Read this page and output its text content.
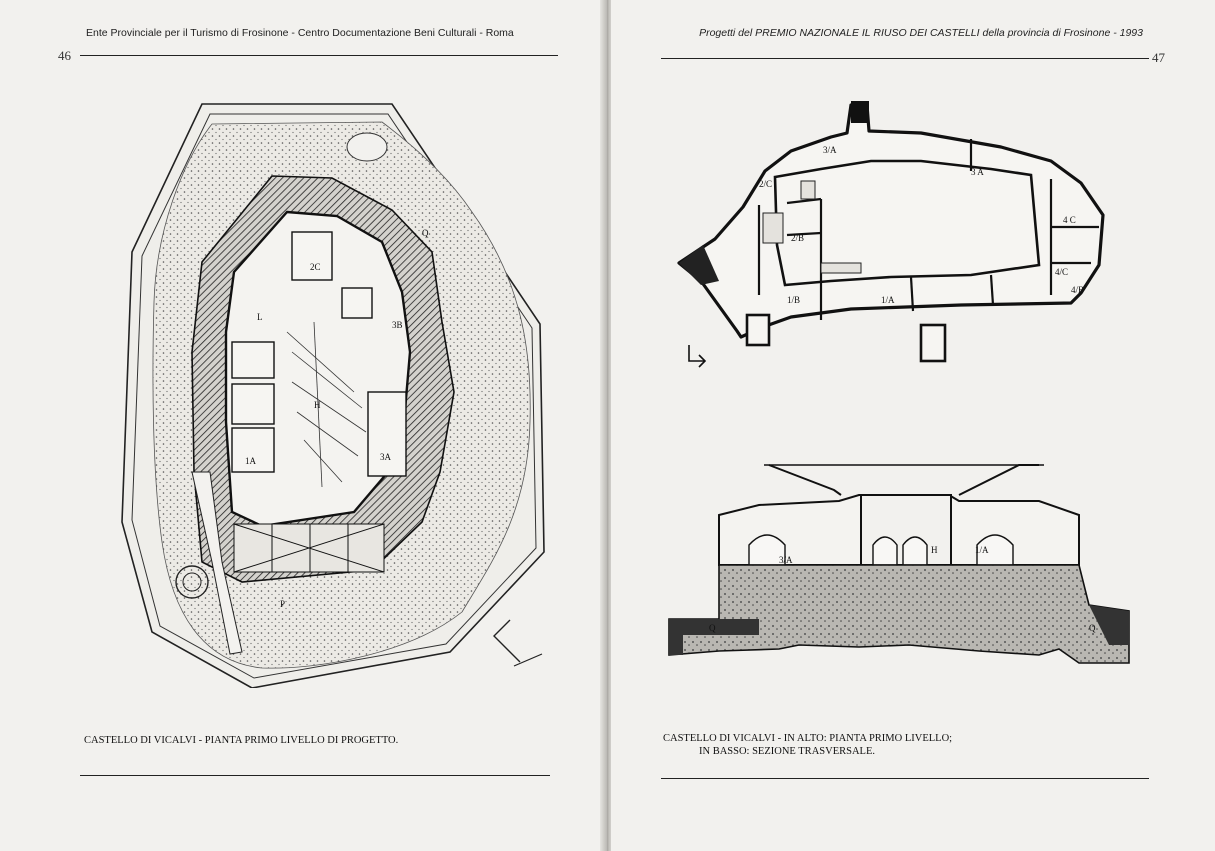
Ente Provinciale per il Turismo di Frosinone - Centro Documentazione Beni Culturali - Roma
46
2C
3B
H
3A
1A
L
P
Q
CASTELLO DI VICALVI - PIANTA PRIMO LIVELLO DI PROGETTO.
Progetti del PREMIO NAZIONALE IL RIUSO DEI CASTELLI della provincia di Frosinone - 1993
47
3/A
3 A
2/C
2/B
4 C
4/C
1/B	1/A
4/B
3/A
H	1/A
Q	Q
CASTELLO DI VICALVI - IN ALTO: PIANTA PRIMO LIVELLO;
IN BASSO: SEZIONE TRASVERSALE.
